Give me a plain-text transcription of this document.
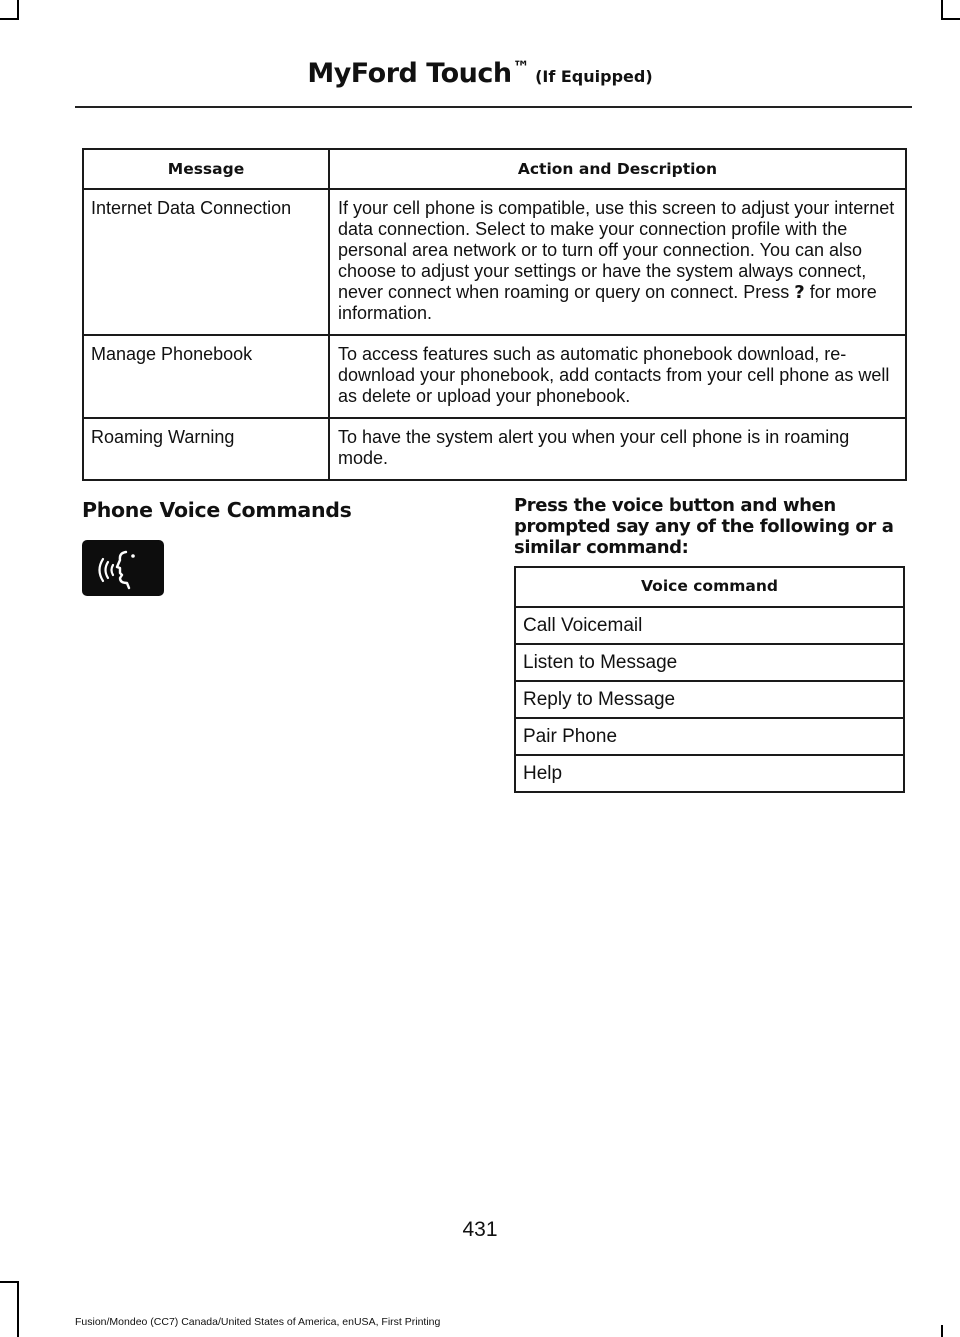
MyFord Touch™ (If Equipped)
Message	Action and Description
Internet Data Connection	If your cell phone is compatible, use this screen to adjust your internet data connection. Select to make your connection profile with the personal area network or to turn off your connection. You can also choose to adjust your settings or have the system always connect, never connect when roaming or query on connect. Press ? for more information.
Manage Phonebook	To access features such as automatic phonebook download, re-download your phonebook, add contacts from your cell phone as well as delete or upload your phonebook.
Roaming Warning	To have the system alert you when your cell phone is in roaming mode.
Phone Voice Commands	Press the voice button and when prompted say any of the following or a similar command:
Voice command
Call Voicemail
Listen to Message
Reply to Message
Pair Phone
Help
431
Fusion/Mondeo (CC7) Canada/United States of America, enUSA, First Printing
